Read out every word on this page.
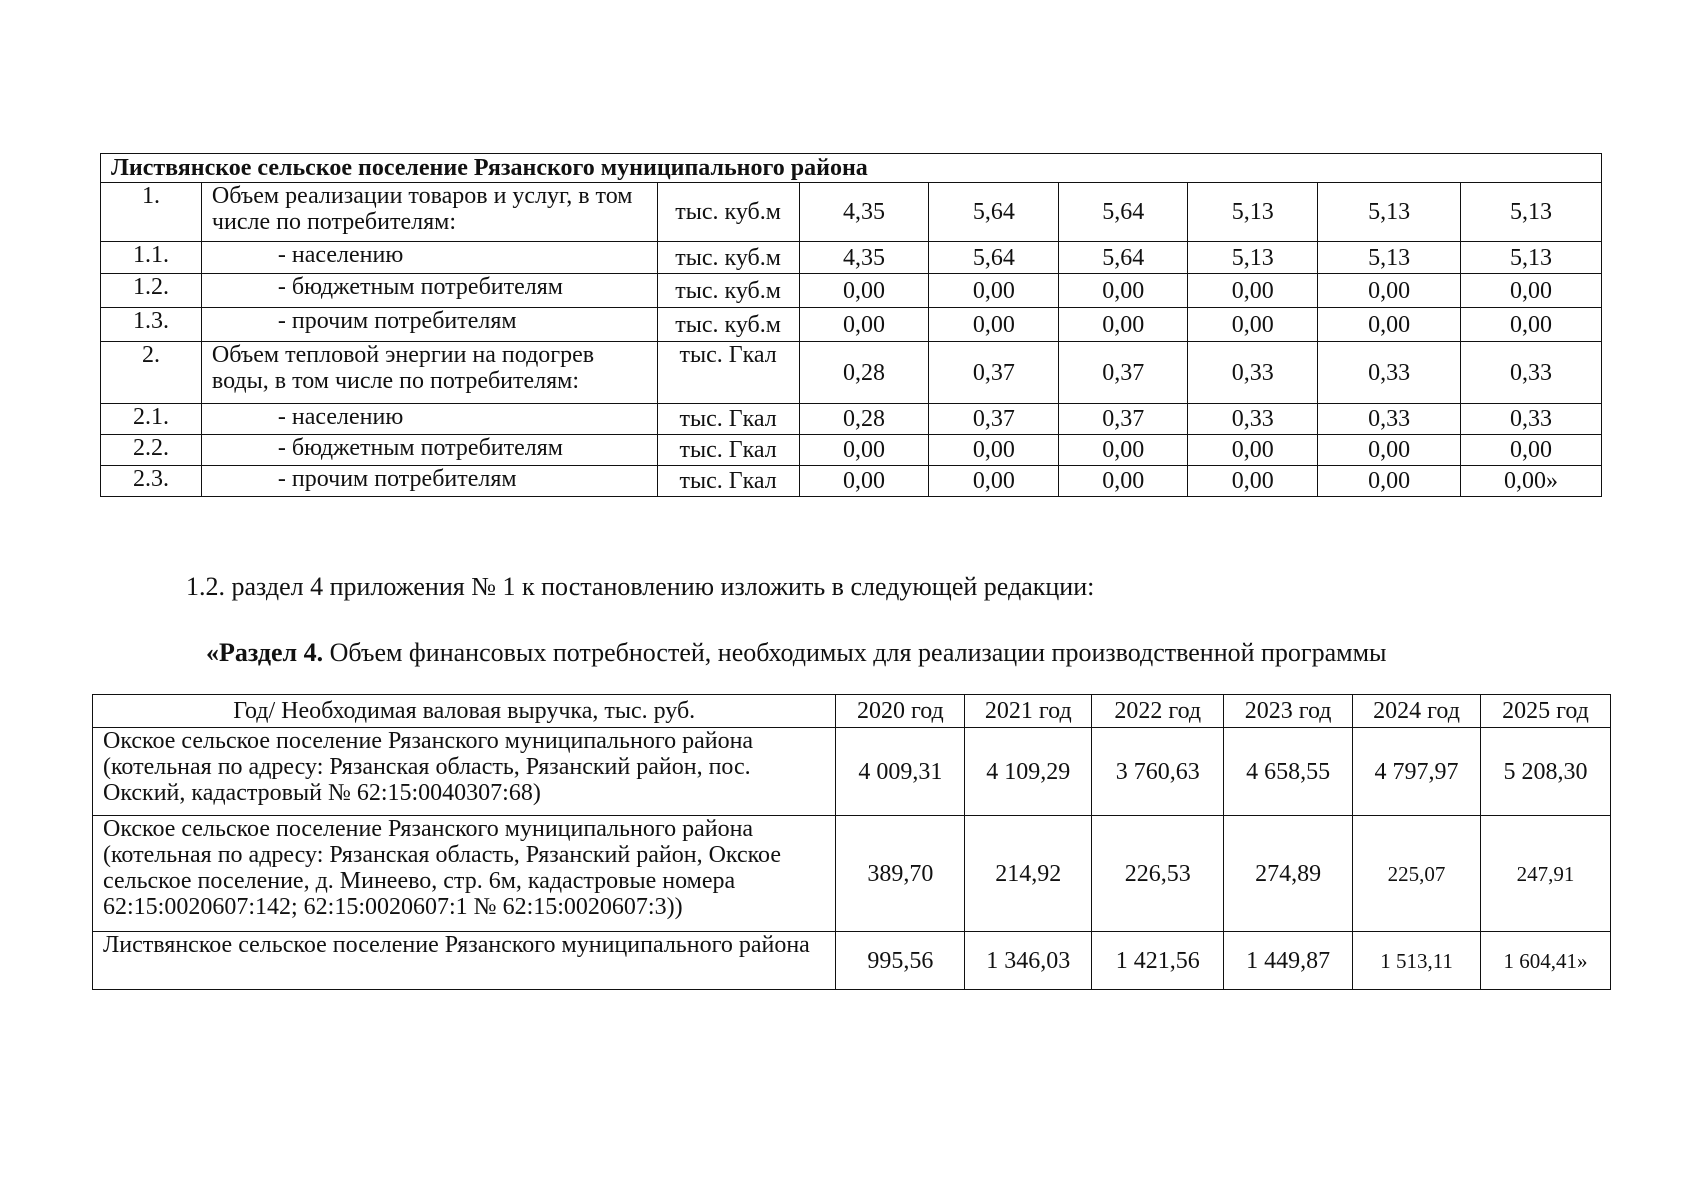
Листвянское сельское поселение Рязанского муниципального района								
1.	Объем реализации товаров и услуг, в том числе по потребителям:	тыс. куб.м	4,35	5,64	5,64	5,13	5,13	5,13
1.1.	- населению	тыс. куб.м	4,35	5,64	5,64	5,13	5,13	5,13
1.2.	- бюджетным потребителям	тыс. куб.м	0,00	0,00	0,00	0,00	0,00	0,00
1.3.	- прочим потребителям	тыс. куб.м	0,00	0,00	0,00	0,00	0,00	0,00
2.	Объем тепловой энергии на подогрев воды, в том числе по потребителям:	тыс. Гкал	0,28	0,37	0,37	0,33	0,33	0,33
2.1.	- населению	тыс. Гкал	0,28	0,37	0,37	0,33	0,33	0,33
2.2.	- бюджетным потребителям	тыс. Гкал	0,00	0,00	0,00	0,00	0,00	0,00
2.3.	- прочим потребителям	тыс. Гкал	0,00	0,00	0,00	0,00	0,00	0,00»
1.2. раздел 4 приложения № 1 к постановлению изложить в следующей редакции:
«Раздел 4. Объем финансовых потребностей, необходимых для реализации производственной программы
Год/ Необходимая валовая выручка, тыс. руб.	2020 год	2021 год	2022 год	2023 год	2024 год	2025 год
Окское сельское поселение Рязанского муниципального района (котельная по адресу: Рязанская область, Рязанский район, пос. Окский, кадастровый № 62:15:0040307:68)	4 009,31	4 109,29	3 760,63	4 658,55	4 797,97	5 208,30
Окское сельское поселение Рязанского муниципального района (котельная по адресу: Рязанская область, Рязанский район, Окское сельское поселение, д. Минеево, стр. 6м, кадастровые номера 62:15:0020607:142; 62:15:0020607:1 № 62:15:0020607:3))	389,70	214,92	226,53	274,89	225,07	247,91
Листвянское сельское поселение Рязанского муниципального района	995,56	1 346,03	1 421,56	1 449,87	1 513,11	1 604,41»
